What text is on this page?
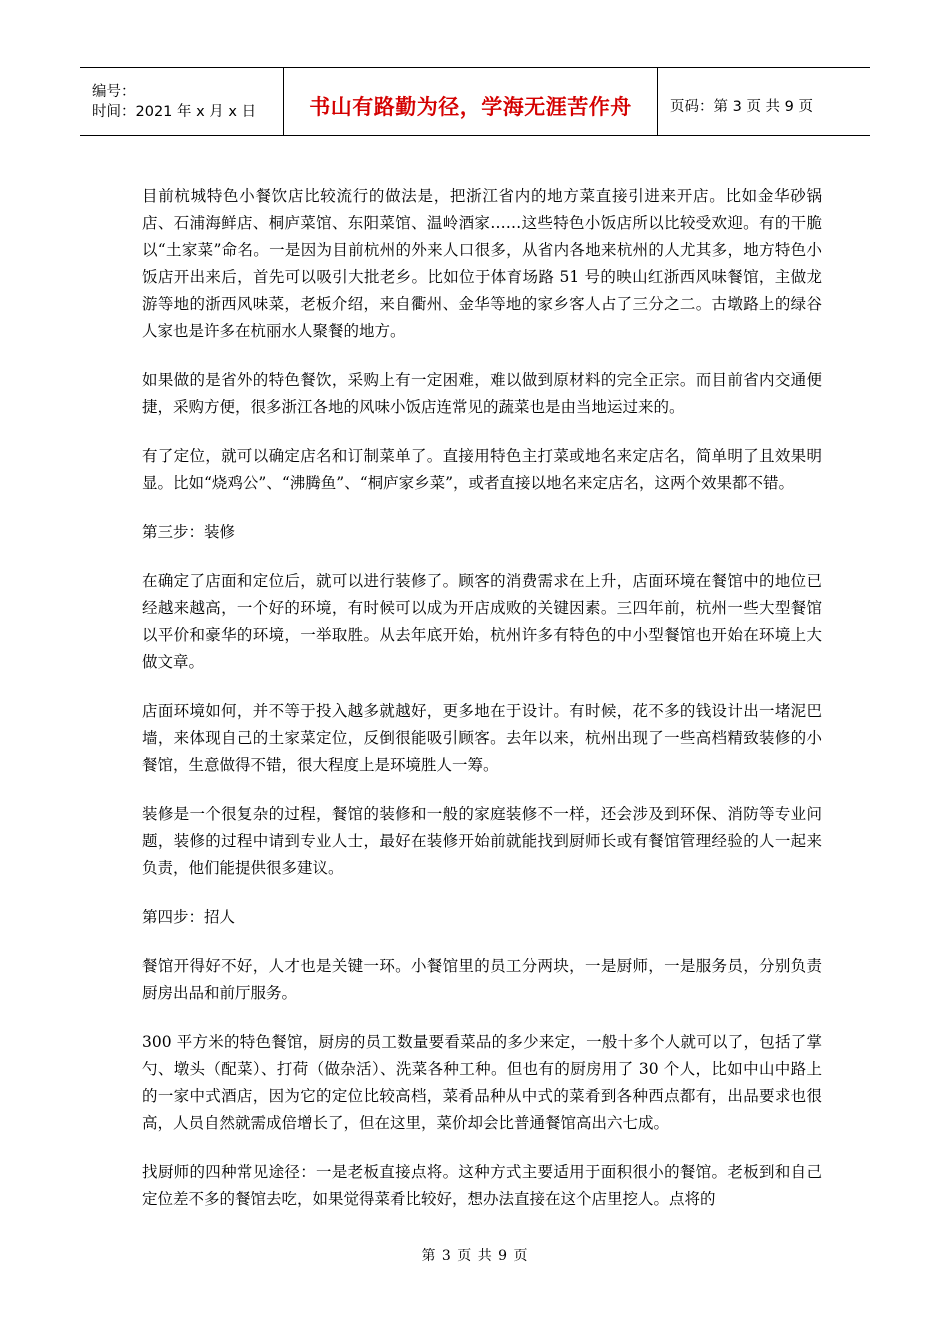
编号：
时间：2021 年 x 月 x 日	书山有路勤为径，学海无涯苦作舟	页码：第 3 页 共 9 页

目前杭城特色小餐饮店比较流行的做法是，把浙江省内的地方菜直接引进来开店。比如金华砂锅店、石浦海鲜店、桐庐菜馆、东阳菜馆、温岭酒家……这些特色小饭店所以比较受欢迎。有的干脆以“土家菜”命名。一是因为目前杭州的外来人口很多，从省内各地来杭州的人尤其多，地方特色小饭店开出来后，首先可以吸引大批老乡。比如位于体育场路 51 号的映山红浙西风味餐馆，主做龙游等地的浙西风味菜，老板介绍，来自衢州、金华等地的家乡客人占了三分之二。古墩路上的绿谷人家也是许多在杭丽水人聚餐的地方。

如果做的是省外的特色餐饮，采购上有一定困难，难以做到原材料的完全正宗。而目前省内交通便捷，采购方便，很多浙江各地的风味小饭店连常见的蔬菜也是由当地运过来的。

有了定位，就可以确定店名和订制菜单了。直接用特色主打菜或地名来定店名，简单明了且效果明显。比如“烧鸡公”、“沸腾鱼”、“桐庐家乡菜”，或者直接以地名来定店名，这两个效果都不错。

第三步：装修

在确定了店面和定位后，就可以进行装修了。顾客的消费需求在上升，店面环境在餐馆中的地位已经越来越高，一个好的环境，有时候可以成为开店成败的关键因素。三四年前，杭州一些大型餐馆以平价和豪华的环境，一举取胜。从去年底开始，杭州许多有特色的中小型餐馆也开始在环境上大做文章。

店面环境如何，并不等于投入越多就越好，更多地在于设计。有时候，花不多的钱设计出一堵泥巴墙，来体现自己的土家菜定位，反倒很能吸引顾客。去年以来，杭州出现了一些高档精致装修的小餐馆，生意做得不错，很大程度上是环境胜人一筹。

装修是一个很复杂的过程，餐馆的装修和一般的家庭装修不一样，还会涉及到环保、消防等专业问题，装修的过程中请到专业人士，最好在装修开始前就能找到厨师长或有餐馆管理经验的人一起来负责，他们能提供很多建议。

第四步：招人

餐馆开得好不好，人才也是关键一环。小餐馆里的员工分两块，一是厨师，一是服务员，分别负责厨房出品和前厅服务。

300 平方米的特色餐馆，厨房的员工数量要看菜品的多少来定，一般十多个人就可以了，包括了掌勺、墩头（配菜）、打荷（做杂活）、洗菜各种工种。但也有的厨房用了 30 个人，比如中山中路上的一家中式酒店，因为它的定位比较高档，菜肴品种从中式的菜肴到各种西点都有，出品要求也很高，人员自然就需成倍增长了，但在这里，菜价却会比普通餐馆高出六七成。

找厨师的四种常见途径：一是老板直接点将。这种方式主要适用于面积很小的餐馆。老板到和自己定位差不多的餐馆去吃，如果觉得菜肴比较好，想办法直接在这个店里挖人。点将的

第 3 页 共 9 页
